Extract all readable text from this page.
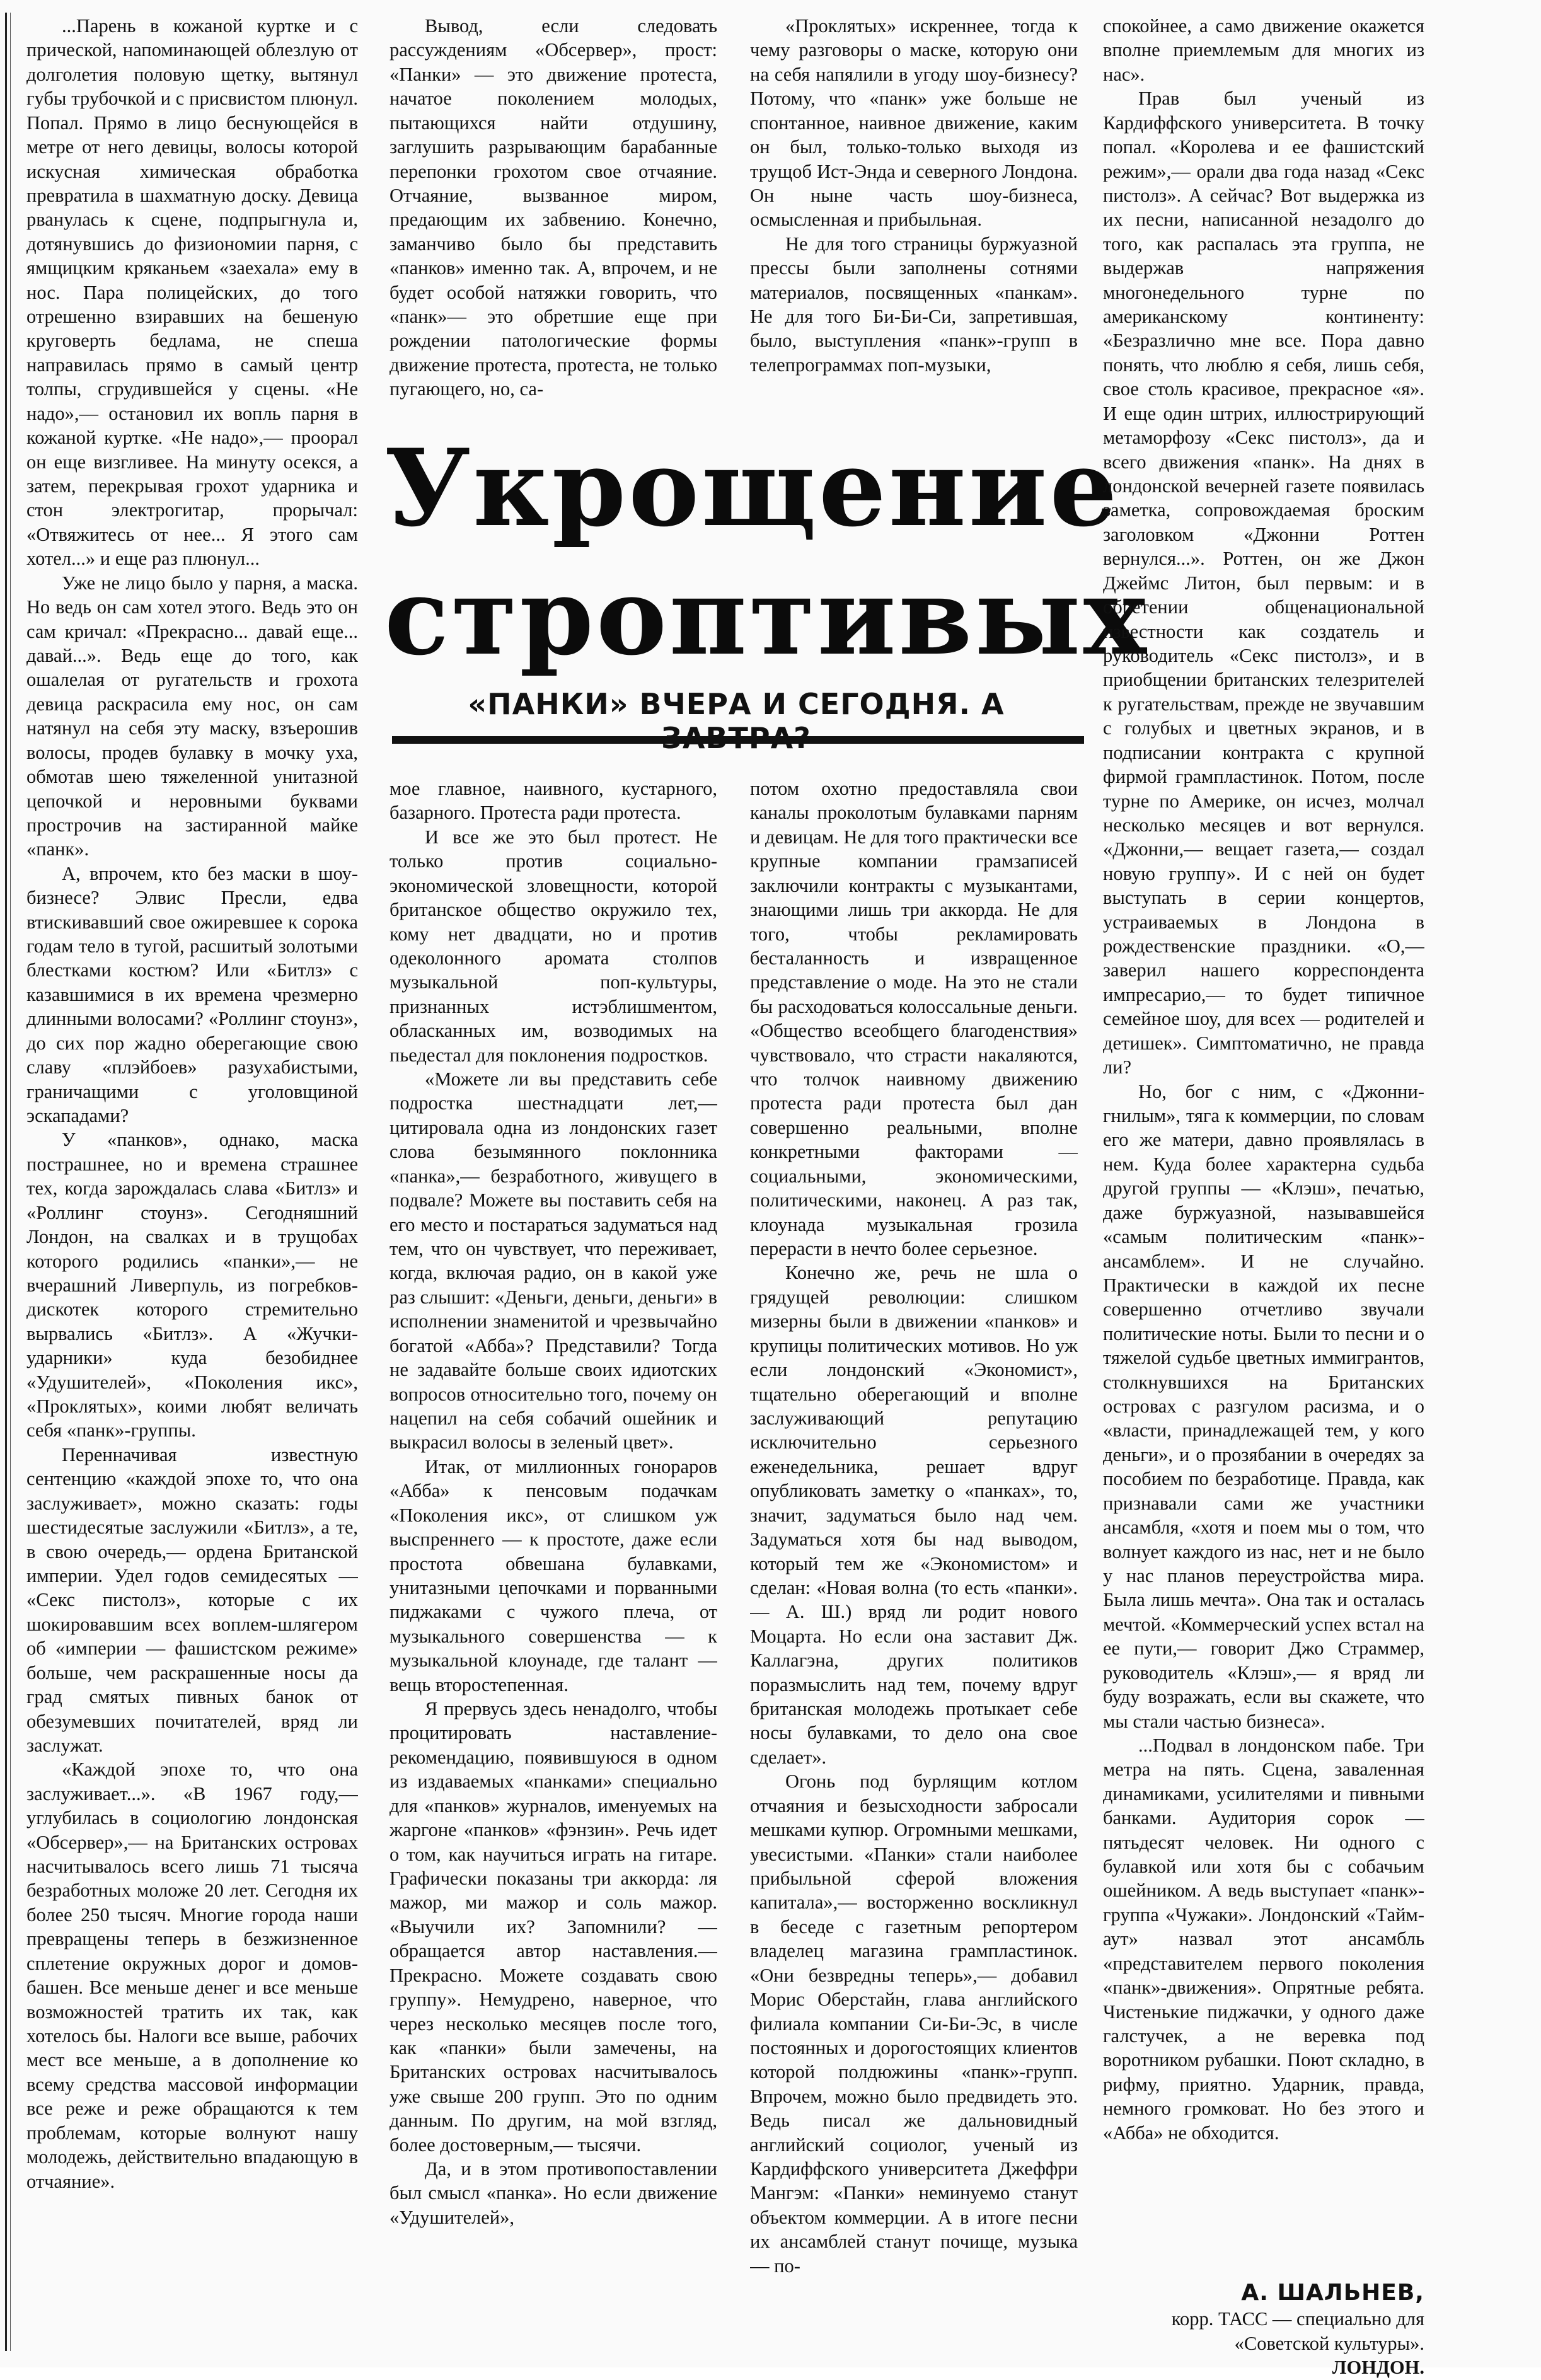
...Парень в кожаной куртке и с прической, напоминающей облезлую от долголетия половую щетку, вытянул губы трубочкой и с присвистом плюнул. Попал. Прямо в лицо беснующейся в метре от него девицы, волосы которой искусная химическая обработка превратила в шахматную доску. Девица рванулась к сцене, подпрыгнула и, дотянувшись до физиономии парня, с ямщицким кряканьем «заехала» ему в нос. Пара полицейских, до того отрешенно взиравших на бешеную круговерть бедлама, не спеша направилась прямо в самый центр толпы, сгрудившейся у сцены. «Не надо»,— остановил их вопль парня в кожаной куртке. «Не надо»,— проорал он еще визгливее. На минуту осекся, а затем, перекрывая грохот ударника и стон электрогитар, прорычал: «Отвяжитесь от нее... Я этого сам хотел...» и еще раз плюнул...

Уже не лицо было у парня, а маска. Но ведь он сам хотел этого. Ведь это он сам кричал: «Прекрасно... давай еще... давай...». Ведь еще до того, как ошалелая от ругательств и грохота девица раскрасила ему нос, он сам натянул на себя эту маску, взъерошив волосы, продев булавку в мочку уха, обмотав шею тяжеленной унитазной цепочкой и неровными буквами прострочив на застиранной майке «панк».

А, впрочем, кто без маски в шоу-бизнесе? Элвис Пресли, едва втискивавший свое ожиревшее к сорока годам тело в тугой, расшитый золотыми блестками костюм? Или «Битлз» с казавшимися в их времена чрезмерно длинными волосами? «Роллинг стоунз», до сих пор жадно оберегающие свою славу «плэйбоев» разухабистыми, граничащими с уголовщиной эскападами?

У «панков», однако, маска пострашнее, но и времена страшнее тех, когда зарождалась слава «Битлз» и «Роллинг стоунз». Сегодняшний Лондон, на свалках и в трущобах которого родились «панки»,— не вчерашний Ливерпуль, из погребков-дискотек которого стремительно вырвались «Битлз». А «Жучки-ударники» куда безобиднее «Удушителей», «Поколения икс», «Проклятых», коими любят величать себя «панк»-группы.

Перенначивая известную сентенцию «каждой эпохе то, что она заслуживает», можно сказать: годы шестидесятые заслужили «Битлз», а те, в свою очередь,— ордена Британской империи. Удел годов семидесятых — «Секс пистолз», которые с их шокировавшим всех воплем-шлягером об «империи — фашистском режиме» больше, чем раскрашенные носы да град смятых пивных банок от обезумевших почитателей, вряд ли заслужат.

«Каждой эпохе то, что она заслуживает...». «В 1967 году,— углубилась в социологию лондонская «Обсервер»,— на Британских островах насчитывалось всего лишь 71 тысяча безработных моложе 20 лет. Сегодня их более 250 тысяч. Многие города наши превращены теперь в безжизненное сплетение окружных дорог и домов-башен. Все меньше денег и все меньше возможностей тратить их так, как хотелось бы. Налоги все выше, рабочих мест все меньше, а в дополнение ко всему средства массовой информации все реже и реже обращаются к тем проблемам, которые волнуют нашу молодежь, действительно впадающую в отчаяние».

Вывод, если следовать рассуждениям «Обсервер», прост: «Панки» — это движение протеста, начатое поколением молодых, пытающихся найти отдушину, заглушить разрывающим барабанные перепонки грохотом свое отчаяние. Отчаяние, вызванное миром, предающим их забвению. Конечно, заманчиво было бы представить «панков» именно так. А, впрочем, и не будет особой натяжки говорить, что «панк»— это обретшие еще при рождении патологические формы движение протеста, протеста, не только пугающего, но, са-

«Проклятых» искреннее, тогда к чему разговоры о маске, которую они на себя напялили в угоду шоу-бизнесу? Потому, что «панк» уже больше не спонтанное, наивное движение, каким он был, только-только выходя из трущоб Ист-Энда и северного Лондона. Он ныне часть шоу-бизнеса, осмысленная и прибыльная.

Не для того страницы буржуазной прессы были заполнены сотнями материалов, посвященных «панкам». Не для того Би-Би-Си, запретившая, было, выступления «панк»-групп в телепрограммах поп-музыки,

Укрощение
строптивых
«ПАНКИ» ВЧЕРА И СЕГОДНЯ. А

мое главное, наивного, кустарного, базарного. Протеста ради протеста.

И все же это был протест. Не только против социально-экономической зловещности, которой британское общество окружило тех, кому нет двадцати, но и против одеколонного аромата столпов музыкальной поп-культуры, признанных истэблишментом, обласканных им, возводимых на пьедестал для поклонения подростков.

«Можете ли вы представить себе подростка шестнадцати лет,— цитировала одна из лондонских газет слова безымянного поклонника «панка»,— безработного, живущего в подвале? Можете вы поставить себя на его место и постараться задуматься над тем, что он чувствует, что переживает, когда, включая радио, он в какой уже раз слышит: «Деньги, деньги, деньги» в исполнении знаменитой и чрезвычайно богатой «Абба»? Представили? Тогда не задавайте больше своих идиотских вопросов относительно того, почему он нацепил на себя собачий ошейник и выкрасил волосы в зеленый цвет».

Итак, от миллионных гонораров «Абба» к пенсовым подачкам «Поколения икс», от слишком уж выспреннего — к простоте, даже если простота обвешана булавками, унитазными цепочками и порванными пиджаками с чужого плеча, от музыкального совершенства — к музыкальной клоунаде, где талант — вещь второстепенная.

Я прервусь здесь ненадолго, чтобы процитировать наставление-рекомендацию, появившуюся в одном из издаваемых «панками» специально для «панков» журналов, именуемых на жаргоне «панков» «фэнзин». Речь идет о том, как научиться играть на гитаре. Графически показаны три аккорда: ля мажор, ми мажор и соль мажор. «Выучили их? Запомнили? — обращается автор наставления.— Прекрасно. Можете создавать свою группу». Немудрено, наверное, что через несколько месяцев после того, как «панки» были замечены, на Британских островах насчитывалось уже свыше 200 групп. Это по одним данным. По другим, на мой взгляд, более достоверным,— тысячи.

Да, и в этом противопоставлении был смысл «панка». Но если движение «Удушителей»,

потом охотно предоставляла свои каналы проколотым булавками парням и девицам. Не для того практически все крупные компании грамзаписей заключили контракты с музыкантами, знающими лишь три аккорда. Не для того, чтобы рекламировать бесталанность и извращенное представление о моде. На это не стали бы расходоваться колоссальные деньги. «Общество всеобщего благоденствия» чувствовало, что страсти накаляются, что толчок наивному движению протеста ради протеста был дан совершенно реальными, вполне конкретными факторами — социальными, экономическими, политическими, наконец. А раз так, клоунада музыкальная грозила перерасти в нечто более серьезное.

Конечно же, речь не шла о грядущей революции: слишком мизерны были в движении «панков» и крупицы политических мотивов. Но уж если лондонский «Экономист», тщательно оберегающий и вполне заслуживающий репутацию исключительно серьезного еженедельника, решает вдруг опубликовать заметку о «панках», то, значит, задуматься было над чем. Задуматься хотя бы над выводом, который тем же «Экономистом» и сделан: «Новая волна (то есть «панки».— А. Ш.) вряд ли родит нового Моцарта. Но если она заставит Дж. Каллагэна, других политиков поразмыслить над тем, почему вдруг британская молодежь протыкает себе носы булавками, то дело она свое сделает».

Огонь под бурлящим котлом отчаяния и безысходности забросали мешками купюр. Огромными мешками, увесистыми. «Панки» стали наиболее прибыльной сферой вложения капитала»,— восторженно воскликнул в беседе с газетным репортером владелец магазина грампластинок. «Они безвредны теперь»,— добавил Морис Оберстайн, глава английского филиала компании Си-Би-Эс, в числе постоянных и дорогостоящих клиентов которой полдюжины «панк»-групп. Впрочем, можно было предвидеть это. Ведь писал же дальновидный английский социолог, ученый из Кардиффского университета Джеффри Мангэм: «Панки» неминуемо станут объектом коммерции. А в итоге песни их ансамблей станут почище, музыка — по-

спокойнее, а само движение окажется вполне приемлемым для многих из нас».

Прав был ученый из Кардиффского университета. В точку попал. «Королева и ее фашистский режим»,— орали два года назад «Секс пистолз». А сейчас? Вот выдержка из их песни, написанной незадолго до того, как распалась эта группа, не выдержав напряжения многонедельного турне по американскому континенту: «Безразлично мне все. Пора давно понять, что люблю я себя, лишь себя, свое столь красивое, прекрасное «я». И еще один штрих, иллюстрирующий метаморфозу «Секс пистолз», да и всего движения «панк». На днях в лондонской вечерней газете появилась заметка, сопровождаемая броским заголовком «Джонни Роттен вернулся...». Роттен, он же Джон Джеймс Литон, был первым: и в обретении общенациональной известности как создатель и руководитель «Секс пистолз», и в приобщении британских телезрителей к ругательствам, прежде не звучавшим с голубых и цветных экранов, и в подписании контракта с крупной фирмой грампластинок. Потом, после турне по Америке, он исчез, молчал несколько месяцев и вот вернулся. «Джонни,— вещает газета,— создал новую группу». И с ней он будет выступать в серии концертов, устраиваемых в Лондона в рождественские праздники. «О,— заверил нашего корреспондента импресарио,— то будет типичное семейное шоу, для всех — родителей и детишек». Симптоматично, не правда ли?

Но, бог с ним, с «Джонни-гнилым», тяга к коммерции, по словам его же матери, давно проявлялась в нем. Куда более характерна судьба другой группы — «Клэш», печатью, даже буржуазной, называвшейся «самым политическим «панк»-ансамблем». И не случайно. Практически в каждой их песне совершенно отчетливо звучали политические ноты. Были то песни и о тяжелой судьбе цветных иммигрантов, столкнувшихся на Британских островах с разгулом расизма, и о «власти, принадлежащей тем, у кого деньги», и о прозябании в очередях за пособием по безработице. Правда, как признавали сами же участники ансамбля, «хотя и поем мы о том, что волнует каждого из нас, нет и не было у нас планов переустройства мира. Была лишь мечта». Она так и осталась мечтой. «Коммерческий успех встал на ее пути,— говорит Джо Страммер, руководитель «Клэш»,— я вряд ли буду возражать, если вы скажете, что мы стали частью бизнеса».

...Подвал в лондонском пабе. Три метра на пять. Сцена, заваленная динамиками, усилителями и пивными банками. Аудитория сорок — пятьдесят человек. Ни одного с булавкой или хотя бы с собачьим ошейником. А ведь выступает «панк»-группа «Чужаки». Лондонский «Тайм-аут» назвал этот ансамбль «представителем первого поколения «панк»-движения». Опрятные ребята. Чистенькие пиджачки, у одного даже галстучек, а не веревка под воротником рубашки. Поют складно, в рифму, приятно. Ударник, правда, немного громковат. Но без этого и «Абба» не обходится.

А. ШАЛЬНЕВ,
корр. ТАСС — специально для «Советской культуры».
ЛОНДОН.
